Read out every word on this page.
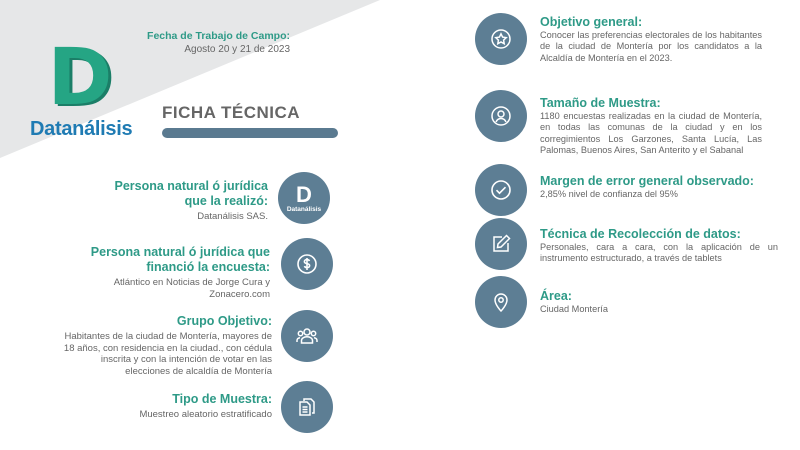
Fecha de Trabajo de Campo:
Agosto 20 y 21 de 2023
D
Datanálisis
FICHA TÉCNICA
Persona natural ó jurídica que la realizó:
Datanálisis SAS.
D
Datanálisis
Persona natural ó jurídica que financió la encuesta:
Atlántico en Noticias de Jorge Cura y Zonacero.com
Grupo Objetivo:
Habitantes de la ciudad de Montería, mayores de 18 años, con residencia en la ciudad., con cédula inscrita y con la intención de votar en las elecciones de alcaldía de Montería
Tipo de Muestra:
Muestreo aleatorio estratificado
Objetivo general:
Conocer las preferencias electorales de los habitantes de la ciudad de Montería por los candidatos a la Alcaldía de Montería en el 2023.
Tamaño de Muestra:
1180 encuestas realizadas en la ciudad de Montería, en todas las comunas de la ciudad y en los corregimientos Los Garzones, Santa Lucía, Las Palomas, Buenos Aires, San Anterito y el Sabanal
Margen de error general observado:
2,85% nivel de confianza del 95%
Técnica de Recolección de datos:
Personales, cara a cara, con la aplicación de un instrumento estructurado, a través de tablets
Área:
Ciudad Montería
